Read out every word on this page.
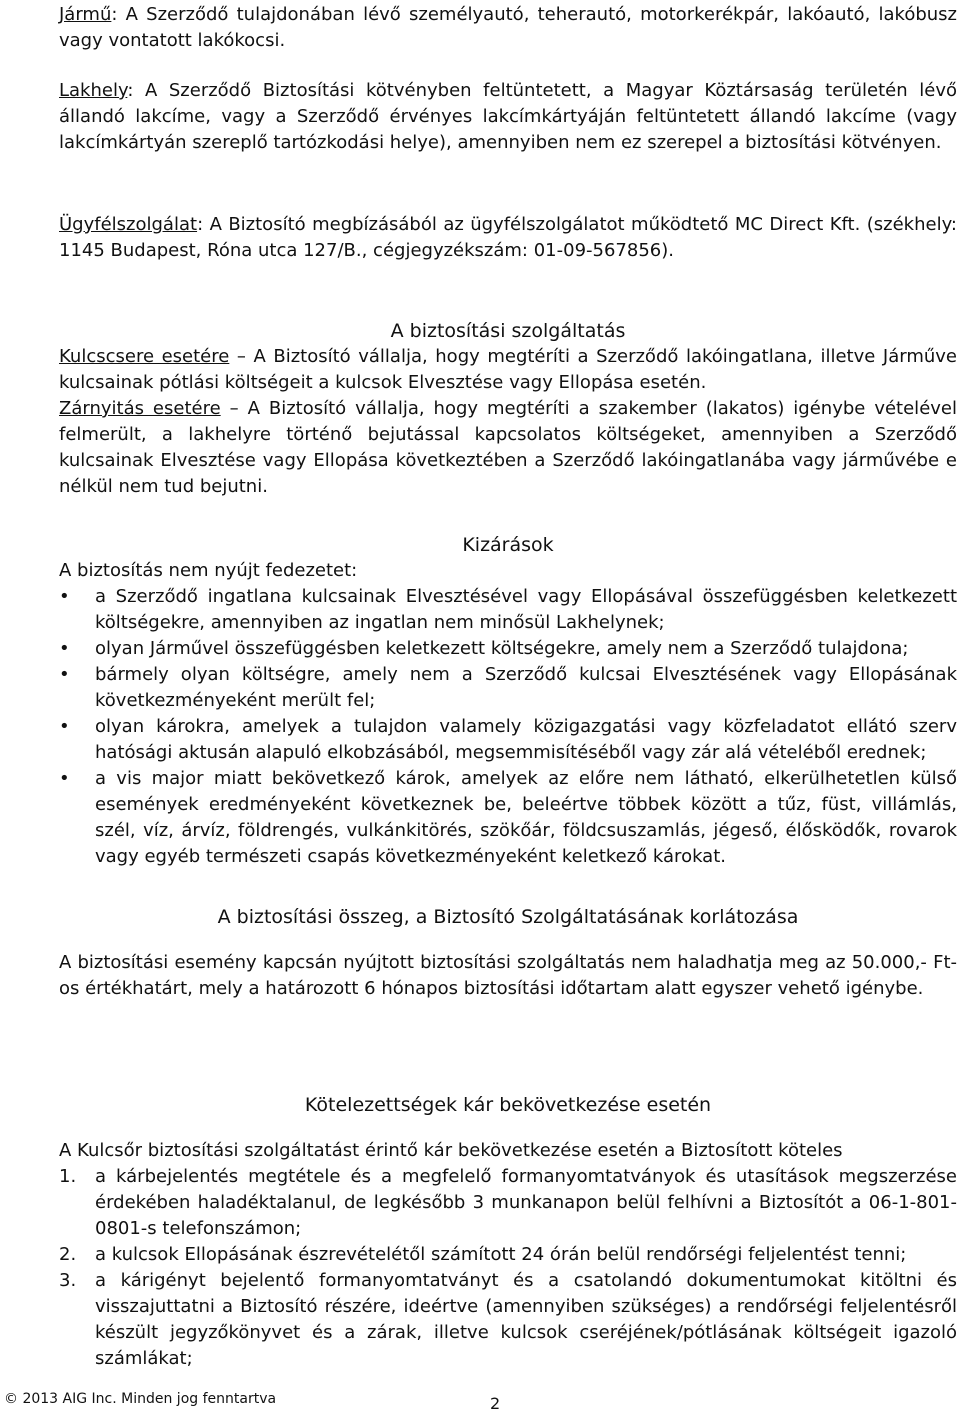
Jármű: A Szerződő tulajdonában lévő személyautó, teherautó, motorkerékpár, lakóautó, lakóbusz vagy vontatott lakókocsi.

Lakhely: A Szerződő Biztosítási kötvényben feltüntetett, a Magyar Köztársaság területén lévő állandó lakcíme, vagy a Szerződő érvényes lakcímkártyáján feltüntetett állandó lakcíme (vagy lakcímkártyán szereplő tartózkodási helye), amennyiben nem ez szerepel a biztosítási kötvényen.

Ügyfélszolgálat: A Biztosító megbízásából az ügyfélszolgálatot működtető MC Direct Kft. (székhely: 1145 Budapest, Róna utca 127/B., cégjegyzékszám: 01-09-567856).

A biztosítási szolgáltatás

Kulcscsere esetére – A Biztosító vállalja, hogy megtéríti a Szerződő lakóingatlana, illetve Járműve kulcsainak pótlási költségeit a kulcsok Elvesztése vagy Ellopása esetén.

Zárnyitás esetére – A Biztosító vállalja, hogy megtéríti a szakember (lakatos) igénybe vételével felmerült, a lakhelyre történő bejutással kapcsolatos költségeket, amennyiben a Szerződő kulcsainak Elvesztése vagy Ellopása következtében a Szerződő lakóingatlanába vagy járművébe e nélkül nem tud bejutni.

Kizárások

A biztosítás nem nyújt fedezetet:

• a Szerződő ingatlana kulcsainak Elvesztésével vagy Ellopásával összefüggésben keletkezett költségekre, amennyiben az ingatlan nem minősül Lakhelynek;
• olyan Járművel összefüggésben keletkezett költségekre, amely nem a Szerződő tulajdona;
• bármely olyan költségre, amely nem a Szerződő kulcsai Elvesztésének vagy Ellopásának következményeként merült fel;
• olyan károkra, amelyek a tulajdon valamely közigazgatási vagy közfeladatot ellátó szerv hatósági aktusán alapuló elkobzásából, megsemmisítéséből vagy zár alá vételéből erednek;
• a vis major miatt bekövetkező károk, amelyek az előre nem látható, elkerülhetetlen külső események eredményeként következnek be, beleértve többek között a tűz, füst, villámlás, szél, víz, árvíz, földrengés, vulkánkitörés, szökőár, földcsuszamlás, jégeső, élősködők, rovarok vagy egyéb természeti csapás következményeként keletkező károkat.

A biztosítási összeg, a Biztosító Szolgáltatásának korlátozása

A biztosítási esemény kapcsán nyújtott biztosítási szolgáltatás nem haladhatja meg az 50.000,- Ft-os értékhatárt, mely a határozott 6 hónapos biztosítási időtartam alatt egyszer vehető igénybe.

Kötelezettségek kár bekövetkezése esetén

A Kulcsőr biztosítási szolgáltatást érintő kár bekövetkezése esetén a Biztosított köteles

1. a kárbejelentés megtétele és a megfelelő formanyomtatványok és utasítások megszerzése érdekében haladéktalanul, de legkésőbb 3 munkanapon belül felhívni a Biztosítót a 06-1-801-0801-s telefonszámon;
2. a kulcsok Ellopásának észrevételétől számított 24 órán belül rendőrségi feljelentést tenni;
3. a kárigényt bejelentő formanyomtatványt és a csatolandó dokumentumokat kitöltni és visszajuttatni a Biztosító részére, ideértve (amennyiben szükséges) a rendőrségi feljelentésről készült jegyzőkönyvet és a zárak, illetve kulcsok cseréjének/pótlásának költségeit igazoló számlákat;
© 2013 AIG Inc. Minden jog fenntartva	2
